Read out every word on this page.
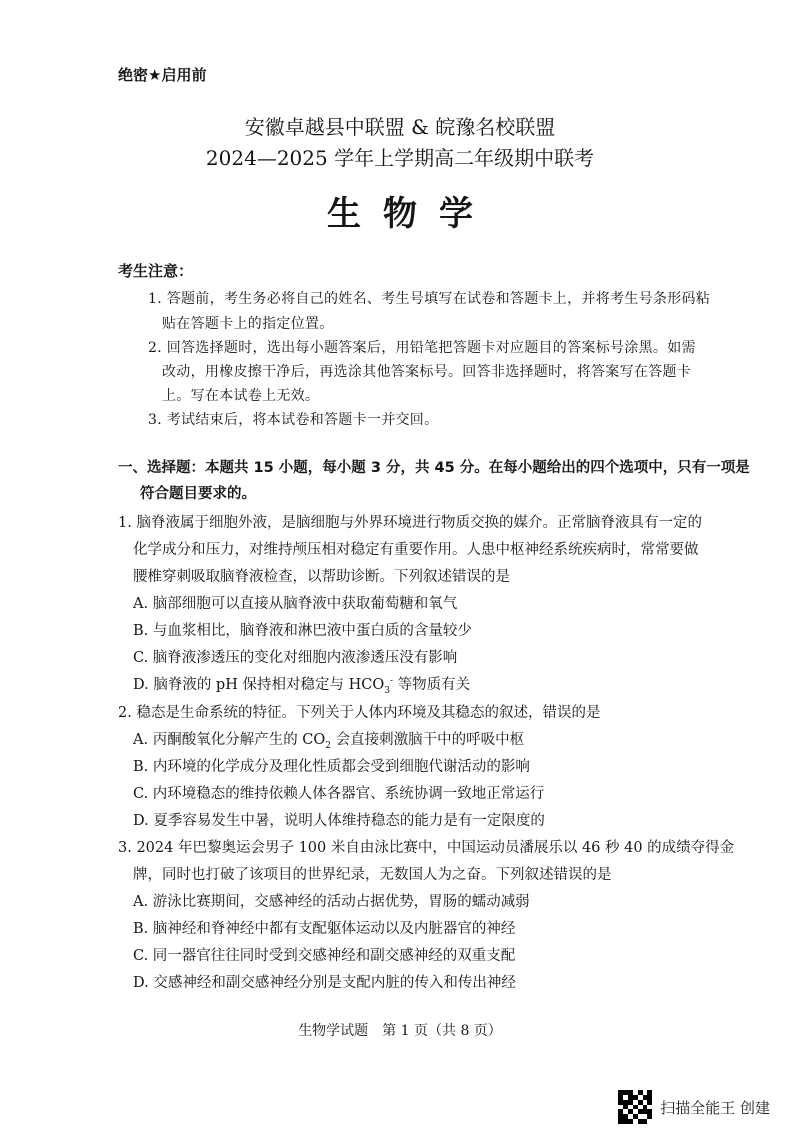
绝密★启用前
安徽卓越县中联盟 & 皖豫名校联盟
2024—2025 学年上学期高二年级期中联考
生物学
考生注意：
1. 答题前，考生务必将自己的姓名、考生号填写在试卷和答题卡上，并将考生号条形码粘
贴在答题卡上的指定位置。
2. 回答选择题时，选出每小题答案后，用铅笔把答题卡对应题目的答案标号涂黑。如需
改动，用橡皮擦干净后，再选涂其他答案标号。回答非选择题时，将答案写在答题卡
上。写在本试卷上无效。
3. 考试结束后，将本试卷和答题卡一并交回。
一、选择题：本题共 15 小题，每小题 3 分，共 45 分。在每小题给出的四个选项中，只有一项是
符合题目要求的。
1. 脑脊液属于细胞外液，是脑细胞与外界环境进行物质交换的媒介。正常脑脊液具有一定的
化学成分和压力，对维持颅压相对稳定有重要作用。人患中枢神经系统疾病时，常常要做
腰椎穿刺吸取脑脊液检查，以帮助诊断。下列叙述错误的是
A. 脑部细胞可以直接从脑脊液中获取葡萄糖和氧气
B. 与血浆相比，脑脊液和淋巴液中蛋白质的含量较少
C. 脑脊液渗透压的变化对细胞内液渗透压没有影响
D. 脑脊液的 pH 保持相对稳定与 $HCO_3^-$ 等物质有关
2. 稳态是生命系统的特征。下列关于人体内环境及其稳态的叙述，错误的是
A. 丙酮酸氧化分解产生的 $CO_2$ 会直接刺激脑干中的呼吸中枢
B. 内环境的化学成分及理化性质都会受到细胞代谢活动的影响
C. 内环境稳态的维持依赖人体各器官、系统协调一致地正常运行
D. 夏季容易发生中暑，说明人体维持稳态的能力是有一定限度的
3. 2024 年巴黎奥运会男子 100 米自由泳比赛中，中国运动员潘展乐以 46 秒 40 的成绩夺得金
牌，同时也打破了该项目的世界纪录，无数国人为之奋。下列叙述错误的是
A. 游泳比赛期间，交感神经的活动占据优势，胃肠的蠕动减弱
B. 脑神经和脊神经中都有支配躯体运动以及内脏器官的神经
C. 同一器官往往同时受到交感神经和副交感神经的双重支配
D. 交感神经和副交感神经分别是支配内脏的传入和传出神经
生物学试题　第 1 页（共 8 页）
扫描全能王 创建
